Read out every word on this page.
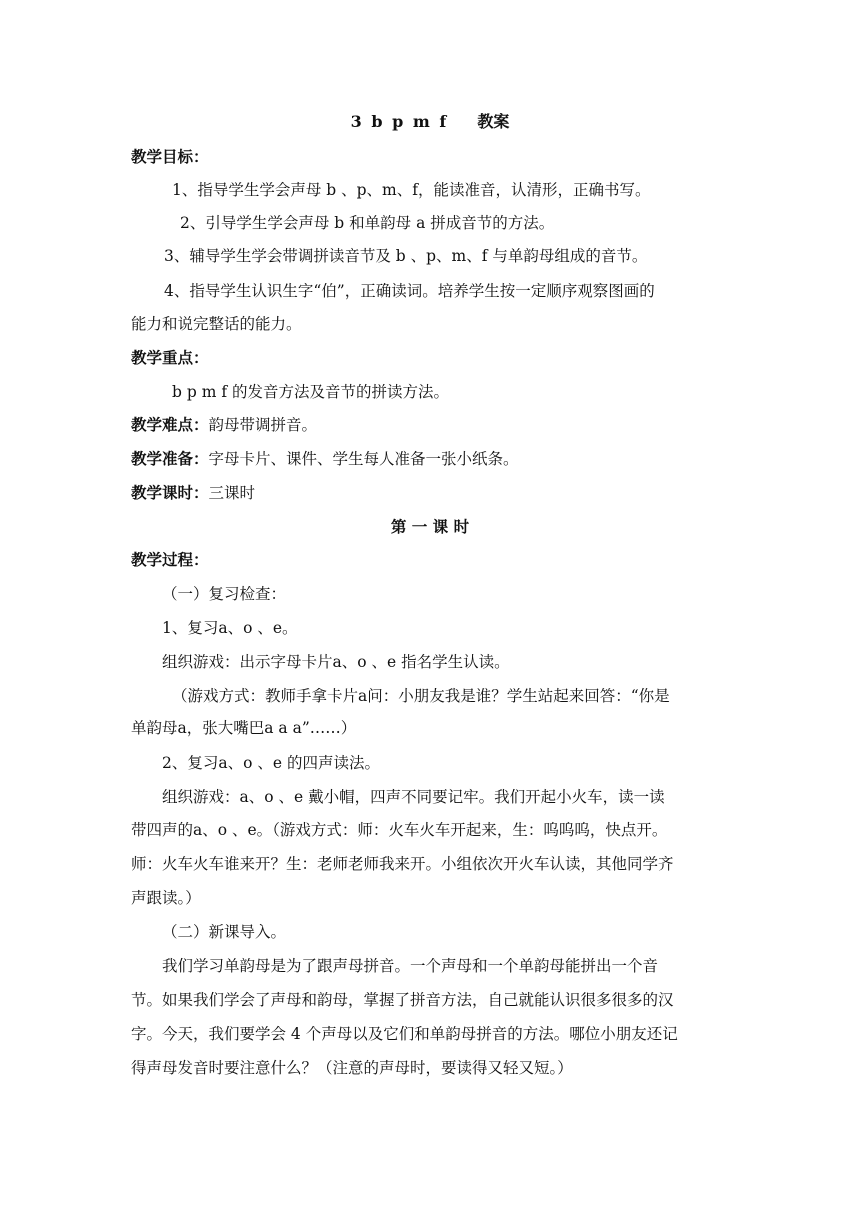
3 b p m f 教案
教学目标：
1、指导学生学会声母 b 、p、m、f，能读准音，认清形，正确书写。
2、引导学生学会声母 b 和单韵母 a 拼成音节的方法。
3、辅导学生学会带调拼读音节及 b 、p、m、f 与单韵母组成的音节。
4、指导学生认识生字“伯”，正确读词。培养学生按一定顺序观察图画的
能力和说完整话的能力。
教学重点：
b p m f 的发音方法及音节的拼读方法。
教学难点：韵母带调拼音。
教学准备：字母卡片、课件、学生每人准备一张小纸条。
教学课时：三课时
第 一 课 时
教学过程：
（一）复习检查：
1、复习a、o 、e。
组织游戏：出示字母卡片a、o 、e 指名学生认读。
（游戏方式：教师手拿卡片a问：小朋友我是谁？学生站起来回答：“你是
单韵母a，张大嘴巴a a a”……）
2、复习a、o 、e 的四声读法。
组织游戏：a、o 、e 戴小帽，四声不同要记牢。我们开起小火车，读一读
带四声的a、o 、e。（游戏方式：师：火车火车开起来，生：呜呜呜，快点开。
师：火车火车谁来开？生：老师老师我来开。小组依次开火车认读，其他同学齐
声跟读。）
（二）新课导入。
我们学习单韵母是为了跟声母拼音。一个声母和一个单韵母能拼出一个音
节。如果我们学会了声母和韵母，掌握了拼音方法，自己就能认识很多很多的汉
字。今天，我们要学会 4 个声母以及它们和单韵母拼音的方法。哪位小朋友还记
得声母发音时要注意什么？（注意的声母时，要读得又轻又短。）
